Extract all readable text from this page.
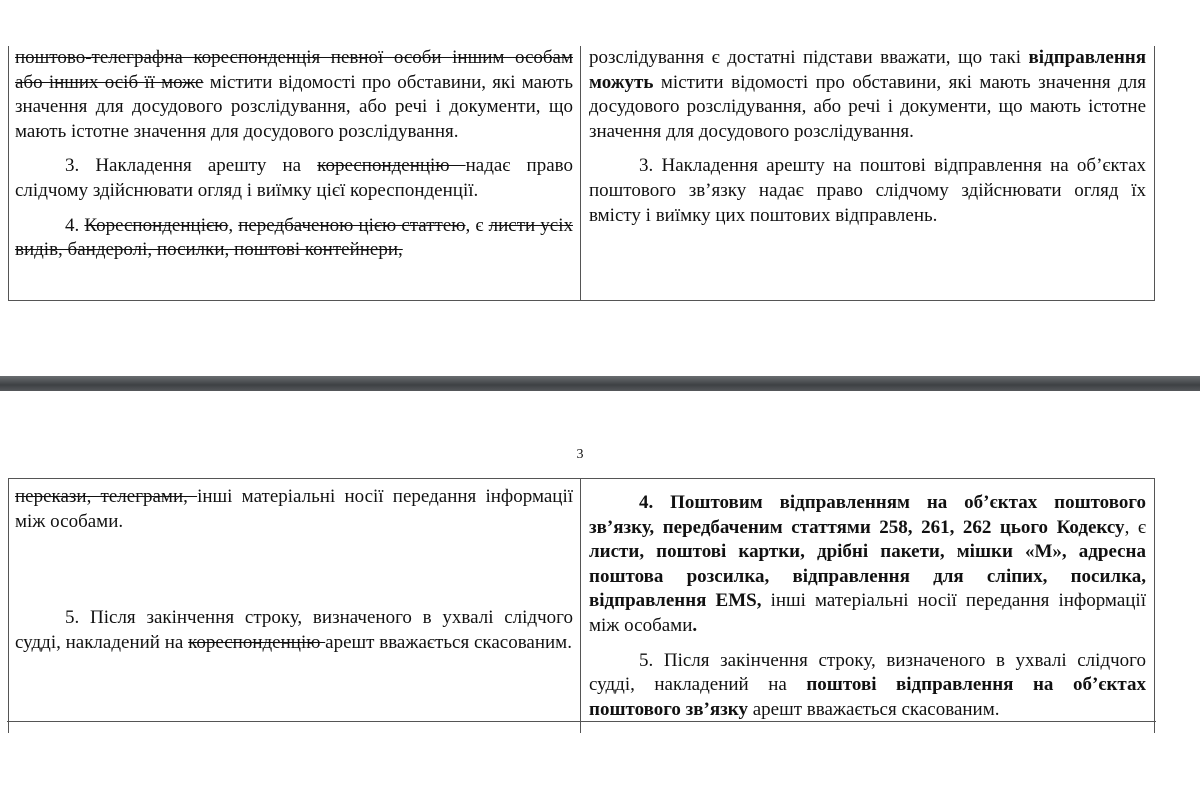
поштово-телеграфна кореспонденція певної особи іншим особам або інших осіб її може містити відомості про обставини, які мають значення для досудового розслідування, або речі і документи, що мають істотне значення для досудового розслідування.

3. Накладення арешту на кореспонденцію надає право слідчому здійснювати огляд і виїмку цієї кореспонденції.

4. Кореспонденцією, передбаченою цією статтею, є листи усіх видів, бандеролі, посилки, поштові контейнери,

розслідування є достатні підстави вважати, що такі відправлення можуть містити відомості про обставини, які мають значення для досудового розслідування, або речі і документи, що мають істотне значення для досудового розслідування.

3. Накладення арешту на поштові відправлення на об’єктах поштового зв’язку надає право слідчому здійснювати огляд їх вмісту і виїмку цих поштових відправлень.

3

перекази, телеграми, інші матеріальні носії передання інформації між особами.

5. Після закінчення строку, визначеного в ухвалі слідчого судді, накладений на кореспонденцію арешт вважається скасованим.

4. Поштовим відправленням на об’єктах поштового зв’язку, передбаченим статтями 258, 261, 262 цього Кодексу, є листи, поштові картки, дрібні пакети, мішки «М», адресна поштова розсилка, відправлення для сліпих, посилка, відправлення EMS, інші матеріальні носії передання інформації між особами.

5. Після закінчення строку, визначеного в ухвалі слідчого судді, накладений на поштові відправлення на об’єктах поштового зв’язку арешт вважається скасованим.
